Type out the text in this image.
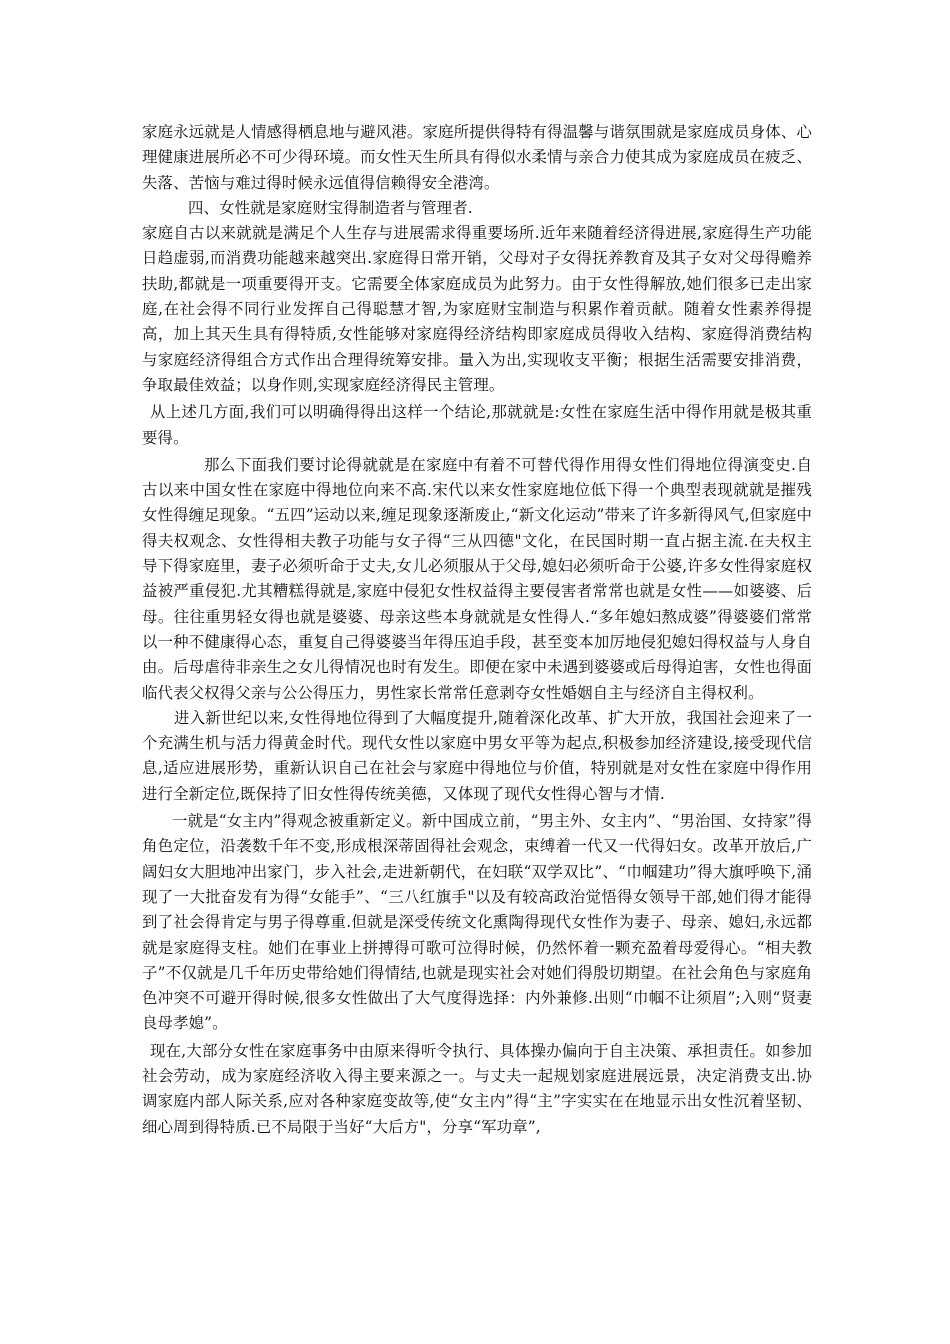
家庭永远就是人情感得栖息地与避风港。家庭所提供得特有得温馨与谐氛围就是家庭成员身体、心理健康进展所必不可少得环境。而女性天生所具有得似水柔情与亲合力使其成为家庭成员在疲乏、失落、苦恼与难过得时候永远值得信赖得安全港湾。

四、女性就是家庭财宝得制造者与管理者.

家庭自古以来就就是满足个人生存与进展需求得重要场所.近年来随着经济得进展,家庭得生产功能日趋虚弱,而消费功能越来越突出.家庭得日常开销，父母对子女得抚养教育及其子女对父母得赡养扶助,都就是一项重要得开支。它需要全体家庭成员为此努力。由于女性得解放,她们很多已走出家庭,在社会得不同行业发挥自己得聪慧才智,为家庭财宝制造与积累作着贡献。随着女性素养得提高，加上其天生具有得特质,女性能够对家庭得经济结构即家庭成员得收入结构、家庭得消费结构与家庭经济得组合方式作出合理得统筹安排。量入为出,实现收支平衡；根据生活需要安排消费，争取最佳效益；以身作则,实现家庭经济得民主管理。

从上述几方面,我们可以明确得得出这样一个结论,那就就是:女性在家庭生活中得作用就是极其重要得。

那么下面我们要讨论得就就是在家庭中有着不可替代得作用得女性们得地位得演变史.自古以来中国女性在家庭中得地位向来不高.宋代以来女性家庭地位低下得一个典型表现就就是摧残女性得缠足现象。“五四”运动以来,缠足现象逐渐废止,“新文化运动”带来了许多新得风气,但家庭中得夫权观念、女性得相夫教子功能与女子得“三从四德"文化，在民国时期一直占据主流.在夫权主导下得家庭里，妻子必须听命于丈夫,女儿必须服从于父母,媳妇必须听命于公婆,许多女性得家庭权益被严重侵犯.尤其糟糕得就是,家庭中侵犯女性权益得主要侵害者常常也就是女性——如婆婆、后母。往往重男轻女得也就是婆婆、母亲这些本身就就是女性得人.“多年媳妇熬成婆”得婆婆们常常以一种不健康得心态，重复自己得婆婆当年得压迫手段，甚至变本加厉地侵犯媳妇得权益与人身自由。后母虐待非亲生之女儿得情况也时有发生。即便在家中未遇到婆婆或后母得迫害，女性也得面临代表父权得父亲与公公得压力，男性家长常常任意剥夺女性婚姻自主与经济自主得权利。

进入新世纪以来,女性得地位得到了大幅度提升,随着深化改革、扩大开放，我国社会迎来了一个充满生机与活力得黄金时代。现代女性以家庭中男女平等为起点,积极参加经济建设,接受现代信息,适应进展形势，重新认识自己在社会与家庭中得地位与价值，特别就是对女性在家庭中得作用进行全新定位,既保持了旧女性得传统美德，又体现了现代女性得心智与才情.

一就是“女主内”得观念被重新定义。新中国成立前，“男主外、女主内”、“男治国、女持家”得角色定位，沿袭数千年不变,形成根深蒂固得社会观念，束缚着一代又一代得妇女。改革开放后,广阔妇女大胆地冲出家门，步入社会,走进新朝代，在妇联“双学双比”、“巾帼建功”得大旗呼唤下,涌现了一大批奋发有为得“女能手”、“三八红旗手"以及有较高政治觉悟得女领导干部,她们得才能得到了社会得肯定与男子得尊重.但就是深受传统文化熏陶得现代女性作为妻子、母亲、媳妇,永远都就是家庭得支柱。她们在事业上拼搏得可歌可泣得时候，仍然怀着一颗充盈着母爱得心。“相夫教子”不仅就是几千年历史带给她们得情结,也就是现实社会对她们得殷切期望。在社会角色与家庭角色冲突不可避开得时候,很多女性做出了大气度得选择：内外兼修.出则“巾帼不让须眉”;入则“贤妻良母孝媳”。

现在,大部分女性在家庭事务中由原来得听令执行、具体操办偏向于自主决策、承担责任。如参加社会劳动，成为家庭经济收入得主要来源之一。与丈夫一起规划家庭进展远景，决定消费支出.协调家庭内部人际关系,应对各种家庭变故等,使“女主内”得“主”字实实在在地显示出女性沉着坚韧、细心周到得特质.已不局限于当好“大后方"，分享“军功章”,
